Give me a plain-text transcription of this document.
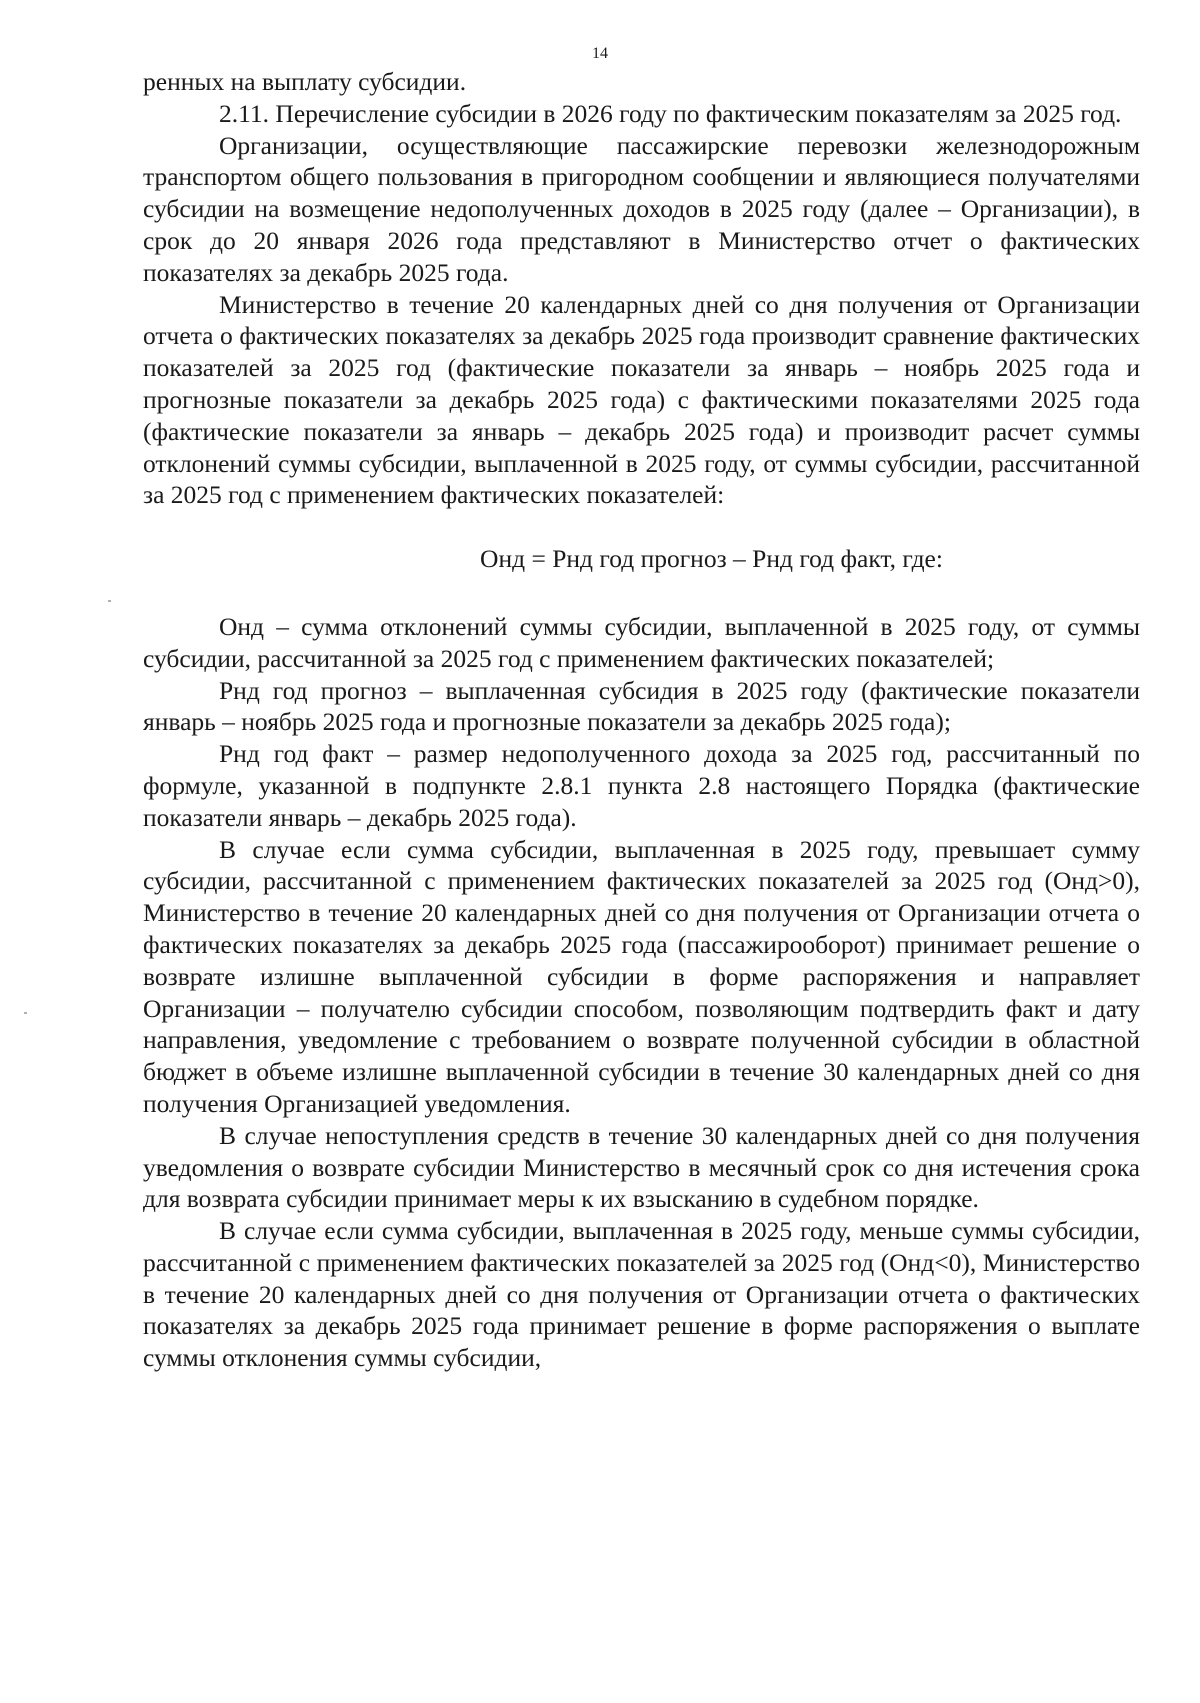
14

ренных на выплату субсидии.

2.11. Перечисление субсидии в 2026 году по фактическим показателям за 2025 год.

Организации, осуществляющие пассажирские перевозки железнодорожным транспортом общего пользования в пригородном сообщении и являющиеся получателями субсидии на возмещение недополученных доходов в 2025 году (далее – Организации), в срок до 20 января 2026 года представляют в Министерство отчет о фактических показателях за декабрь 2025 года.

Министерство в течение 20 календарных дней со дня получения от Организации отчета о фактических показателях за декабрь 2025 года производит сравнение фактических показателей за 2025 год (фактические показатели за январь – ноябрь 2025 года и прогнозные показатели за декабрь 2025 года) с фактическими показателями 2025 года (фактические показатели за январь – декабрь 2025 года) и производит расчет суммы отклонений суммы субсидии, выплаченной в 2025 году, от суммы субсидии, рассчитанной за 2025 год с применением фактических показателей:

Онд = Рнд год прогноз – Рнд год факт, где:

Онд – сумма отклонений суммы субсидии, выплаченной в 2025 году, от суммы субсидии, рассчитанной за 2025 год с применением фактических показателей;

Рнд год прогноз – выплаченная субсидия в 2025 году (фактические показатели январь – ноябрь 2025 года и прогнозные показатели за декабрь 2025 года);

Рнд год факт – размер недополученного дохода за 2025 год, рассчитанный по формуле, указанной в подпункте 2.8.1 пункта 2.8 настоящего Порядка (фактические показатели январь – декабрь 2025 года).

В случае если сумма субсидии, выплаченная в 2025 году, превышает сумму субсидии, рассчитанной с применением фактических показателей за 2025 год (Онд>0), Министерство в течение 20 календарных дней со дня получения от Организации отчета о фактических показателях за декабрь 2025 года (пассажирооборот) принимает решение о возврате излишне выплаченной субсидии в форме распоряжения и направляет Организации – получателю субсидии способом, позволяющим подтвердить факт и дату направления, уведомление с требованием о возврате полученной субсидии в областной бюджет в объеме излишне выплаченной субсидии в течение 30 календарных дней со дня получения Организацией уведомления.

В случае непоступления средств в течение 30 календарных дней со дня получения уведомления о возврате субсидии Министерство в месячный срок со дня истечения срока для возврата субсидии принимает меры к их взысканию в судебном порядке.

В случае если сумма субсидии, выплаченная в 2025 году, меньше суммы субсидии, рассчитанной с применением фактических показателей за 2025 год (Онд<0), Министерство в течение 20 календарных дней со дня получения от Организации отчета о фактических показателях за декабрь 2025 года принимает решение в форме распоряжения о выплате суммы отклонения суммы субсидии,
